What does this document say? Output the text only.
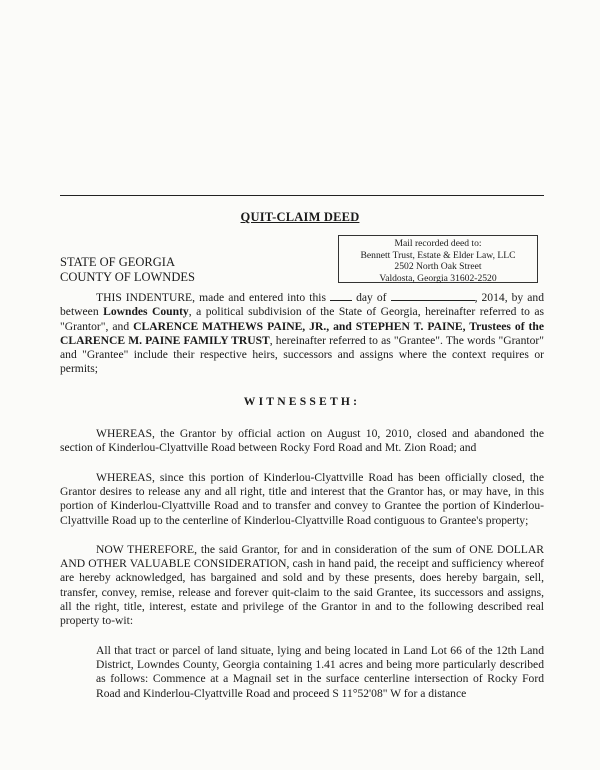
QUIT-CLAIM DEED
STATE OF GEORGIA
COUNTY OF LOWNDES
Mail recorded deed to:
Bennett Trust, Estate & Elder Law, LLC
2502 North Oak Street
Valdosta, Georgia 31602-2520

THIS INDENTURE, made and entered into this  day of	, 2014, by and between Lowndes County, a political subdivision of the State of Georgia, hereinafter referred to as "Grantor", and CLARENCE MATHEWS PAINE, JR., and STEPHEN T. PAINE, Trustees of the CLARENCE M. PAINE FAMILY TRUST, hereinafter referred to as "Grantee". The words "Grantor" and "Grantee" include their respective heirs, successors and assigns where the context requires or permits;

WITNESSETH:

WHEREAS, the Grantor by official action on August 10, 2010, closed and abandoned the section of Kinderlou-Clyattville Road between Rocky Ford Road and Mt. Zion Road; and

WHEREAS, since this portion of Kinderlou-Clyattville Road has been officially closed, the Grantor desires to release any and all right, title and interest that the Grantor has, or may have, in this portion of Kinderlou-Clyattville Road and to transfer and convey to Grantee the portion of Kinderlou-Clyattville Road up to the centerline of Kinderlou-Clyattville Road contiguous to Grantee's property;

NOW THEREFORE, the said Grantor, for and in consideration of the sum of ONE DOLLAR AND OTHER VALUABLE CONSIDERATION, cash in hand paid, the receipt and sufficiency whereof are hereby acknowledged, has bargained and sold and by these presents, does hereby bargain, sell, transfer, convey, remise, release and forever quit-claim to the said Grantee, its successors and assigns, all the right, title, interest, estate and privilege of the Grantor in and to the following described real property to-wit:

All that tract or parcel of land situate, lying and being located in Land Lot 66 of the 12th Land District, Lowndes County, Georgia containing 1.41 acres and being more particularly described as follows: Commence at a Magnail set in the surface centerline intersection of Rocky Ford Road and Kinderlou-Clyattville Road and proceed S 11°52'08" W for a distance
